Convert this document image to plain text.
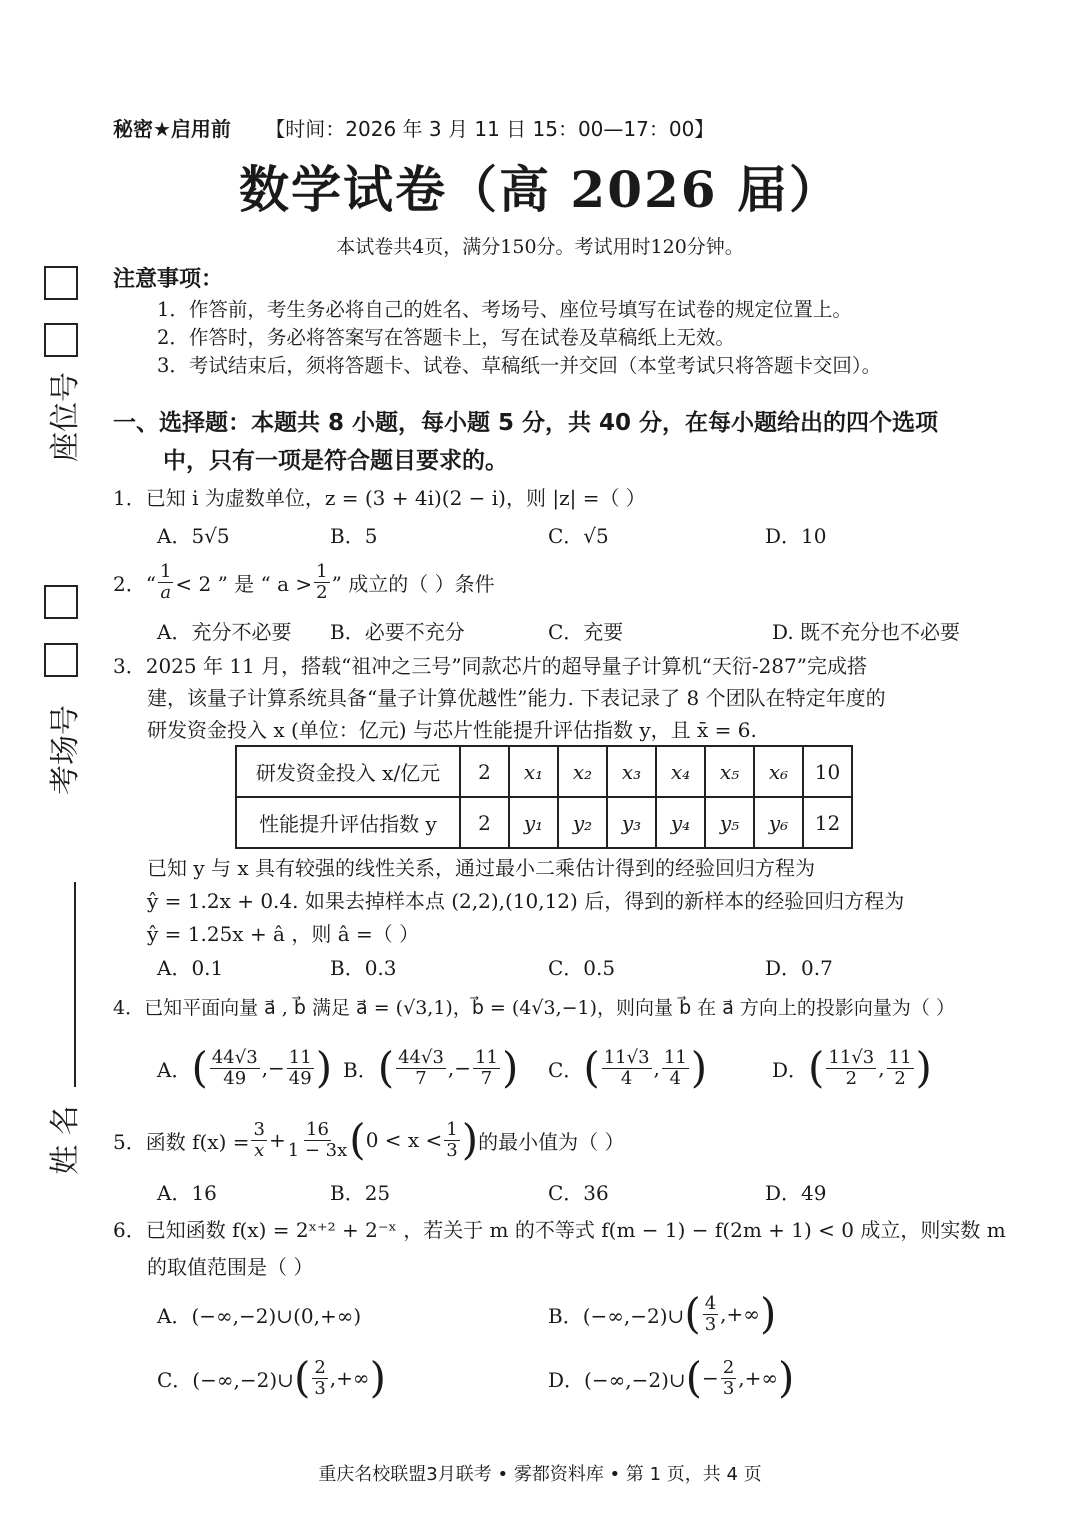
秘密★启用前 【时间：2026 年 3 月 11 日 15：00—17：00】
数学试卷（高 2026 届）
本试卷共4页，满分150分。考试用时120分钟。
注意事项：
1．作答前，考生务必将自己的姓名、考场号、座位号填写在试卷的规定位置上。
2．作答时，务必将答案写在答题卡上，写在试卷及草稿纸上无效。
3．考试结束后，须将答题卡、试卷、草稿纸一并交回（本堂考试只将答题卡交回）。
座位号
考场号
姓 名
一、选择题：本题共 8 小题，每小题 5 分，共 40 分，在每小题给出的四个选项
中，只有一项是符合题目要求的。
1．已知 i 为虚数单位，z = (3 + 4i)(2 − i)，则 |z| =（ ）
A．5√5	B．5	C．√5	D．10
2．“ $\frac{1}{a} < 2$ ” 是 “ $a > \frac{1}{2}$ ” 成立的（ ）条件
A．充分不必要 B．必要不充分	C．充要	D. 既不充分也不必要
3．2025 年 11 月，搭载“祖冲之三号”同款芯片的超导量子计算机“天衍-287”完成搭
建，该量子计算系统具备“量子计算优越性”能力. 下表记录了 8 个团队在特定年度的
研发资金投入 x (单位：亿元) 与芯片性能提升评估指数 y，且 x̄ = 6.
研发资金投入 x/亿元	2	x₁	x₂	x₃	x₄	x₅	x₆	10
性能提升评估指数 y	2	y₁	y₂	y₃	y₄	y₅	y₆	12
已知 y 与 x 具有较强的线性关系，通过最小二乘估计得到的经验回归方程为
ŷ = 1.2x + 0.4. 如果去掉样本点 (2,2),(10,12) 后，得到的新样本的经验回归方程为
ŷ = 1.25x + â ，则 â =（ ）
A．0.1	B．0.3	C．0.5	D．0.7
4．已知平面向量 a⃗ , b⃗ 满足 a⃗ = (√3,1)，b⃗ = (4√3,−1)，则向量 b⃗ 在 a⃗ 方向上的投影向量为（ ）
A． ( $\frac{44√3}{49}$ ,− $\frac{11}{49}$ ) B． ( $\frac{44√3}{7}$ ,− $\frac{11}{7}$ ) C． ( $\frac{11√3}{4}$ , $\frac{11}{4}$ )	D． ( $\frac{11√3}{2}$ , $\frac{11}{2}$ )
5．函数 $f(x) = \frac{3}{x} + \frac{16}{1 - 3x}$ ( $0 < x < \frac{1}{3}$ ) 的最小值为（ ）
A．16	B．25	C．36	D．49
6．已知函数 f(x) = 2ˣ⁺² + 2⁻ˣ ，若关于 m 的不等式 f(m − 1) − f(2m + 1) < 0 成立，则实数 m
的取值范围是（ ）
A．(−∞,−2)∪(0,+∞)	B．(−∞,−2)∪ ( $\frac{4}{3}$ ,+∞ )
C．(−∞,−2)∪ ( $\frac{2}{3}$ ,+∞ )	D．(−∞,−2)∪ ( − $\frac{2}{3}$ ,+∞ )
重庆名校联盟3月联考 • 雾都资料库 • 第 1 页，共 4 页
